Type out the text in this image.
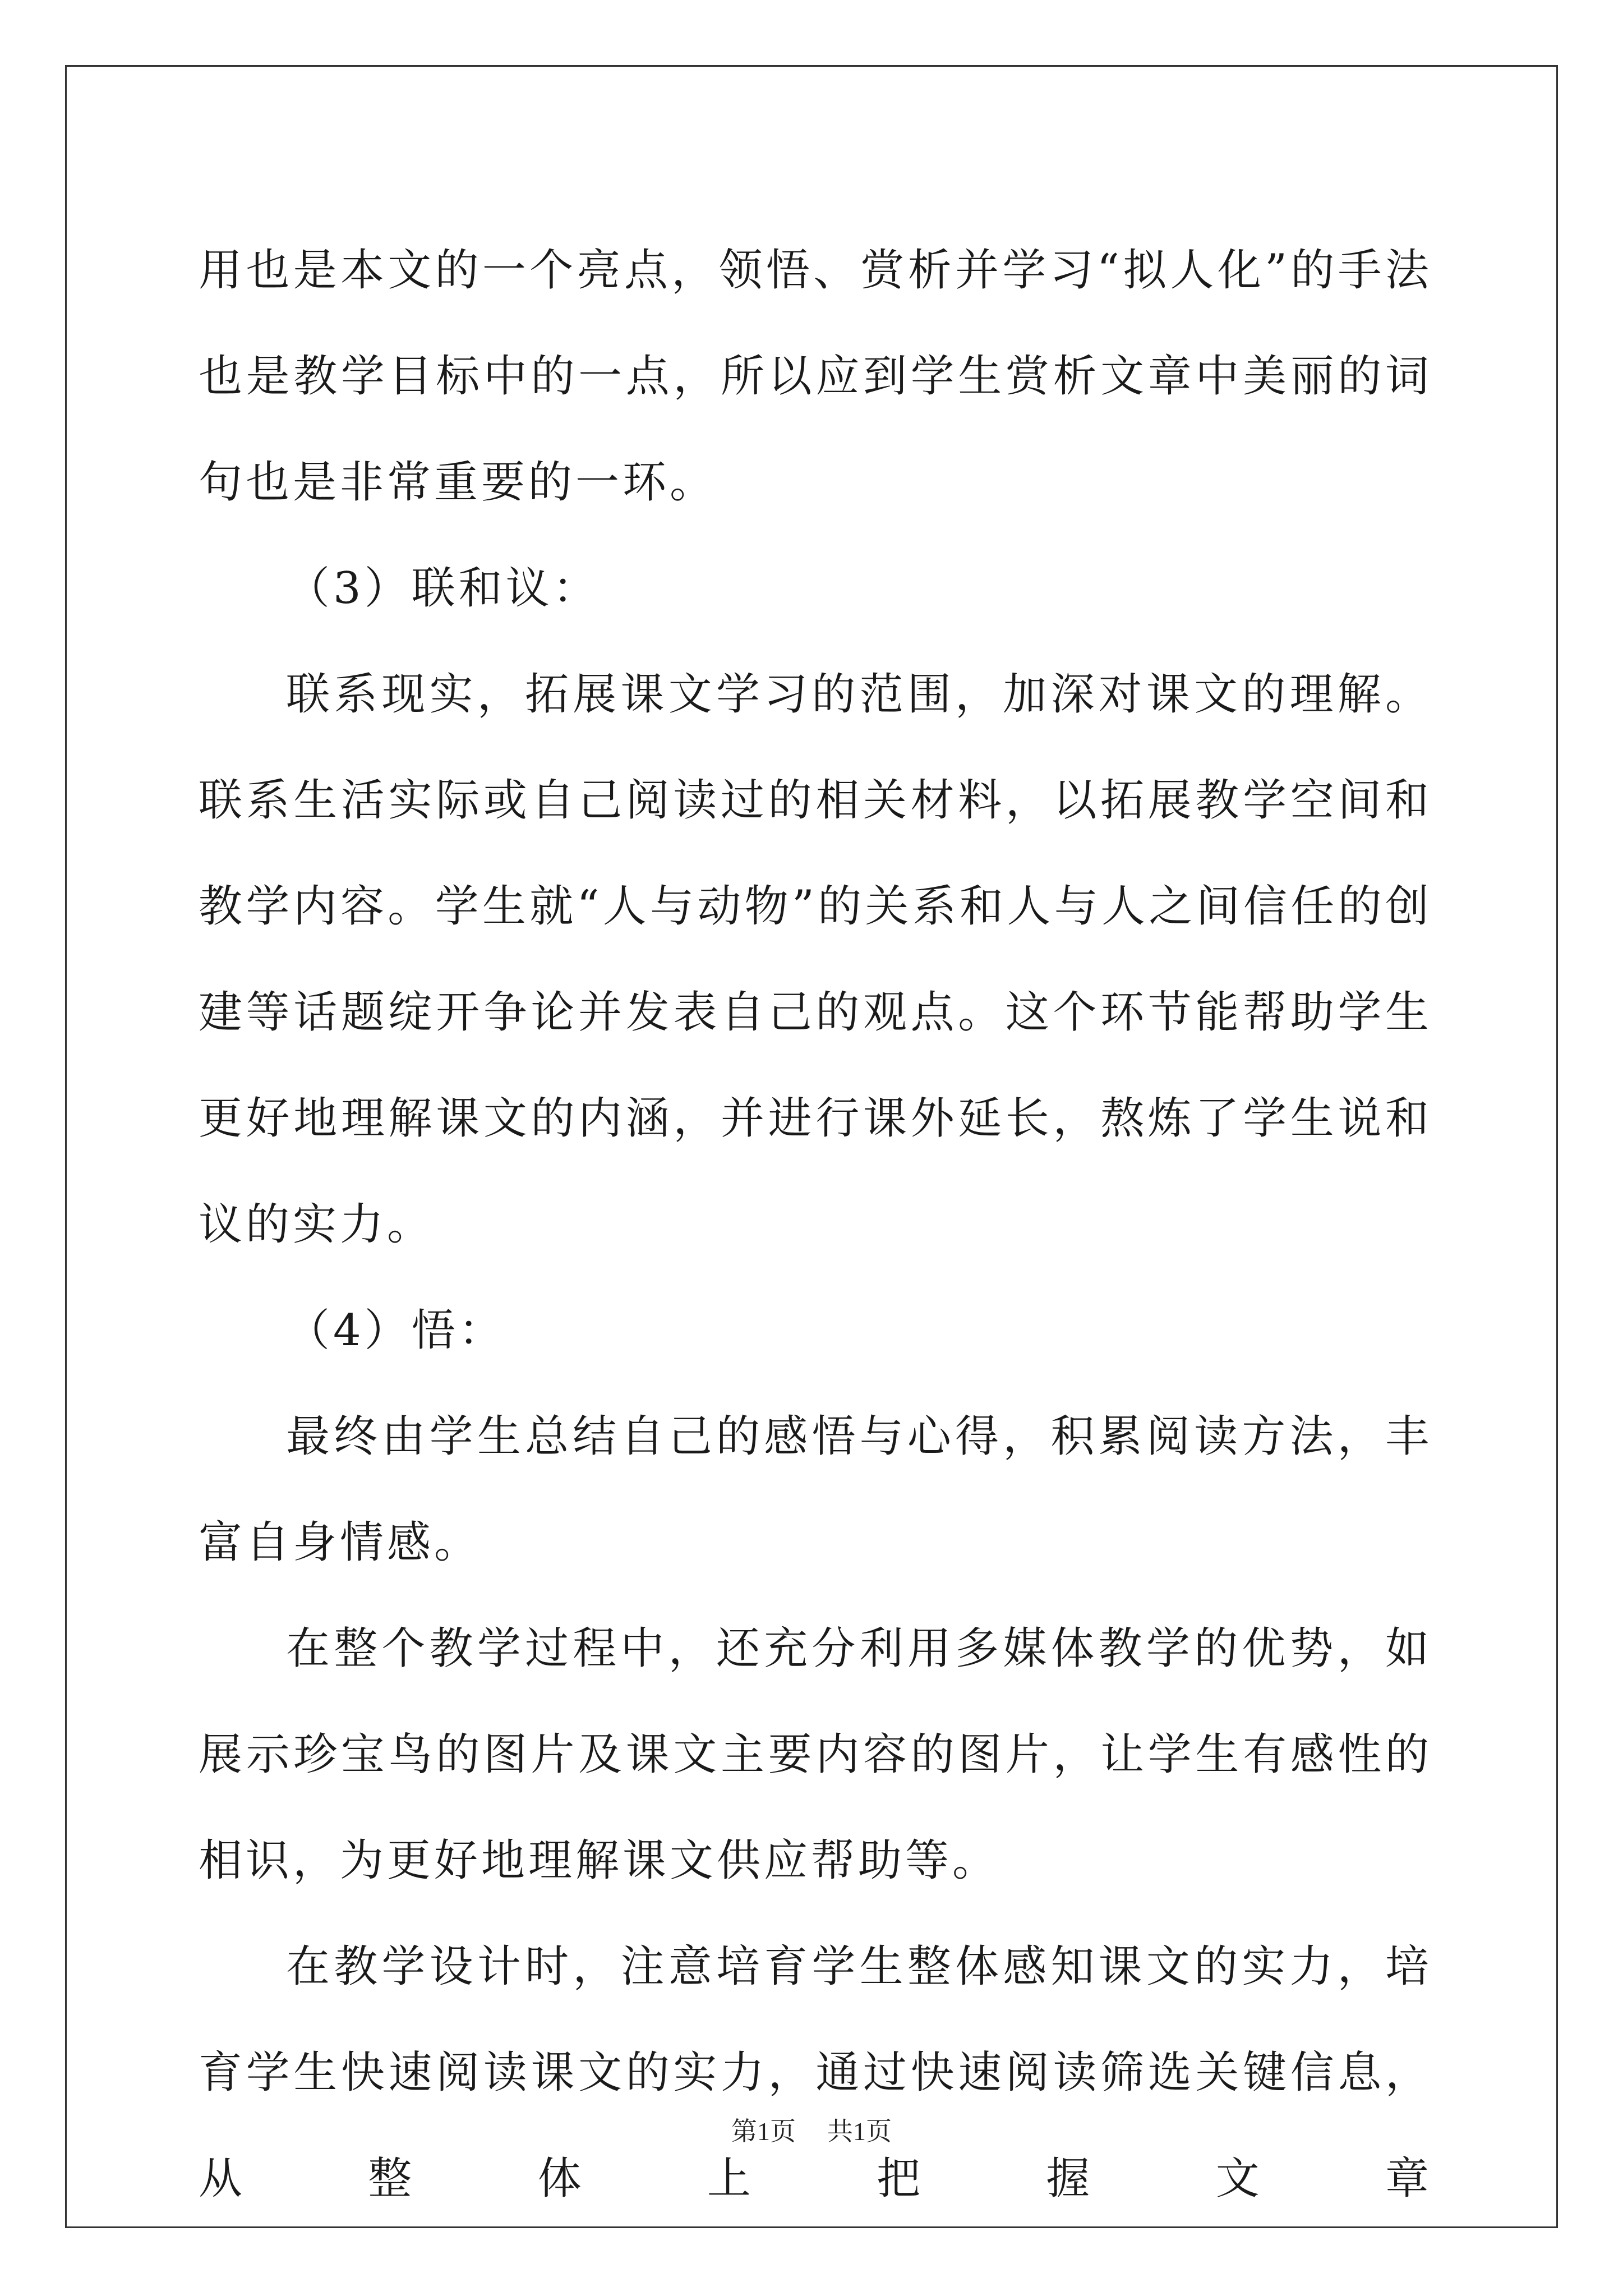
用也是本文的一个亮点，领悟、赏析并学习“拟人化”的手法也是教学目标中的一点，所以应到学生赏析文章中美丽的词句也是非常重要的一环。

（3）联和议：

联系现实，拓展课文学习的范围，加深对课文的理解。联系生活实际或自己阅读过的相关材料，以拓展教学空间和教学内容。学生就“人与动物”的关系和人与人之间信任的创建等话题绽开争论并发表自己的观点。这个环节能帮助学生更好地理解课文的内涵，并进行课外延长，熬炼了学生说和议的实力。

（4）悟：

最终由学生总结自己的感悟与心得，积累阅读方法，丰富自身情感。

在整个教学过程中，还充分利用多媒体教学的优势，如展示珍宝鸟的图片及课文主要内容的图片，让学生有感性的相识，为更好地理解课文供应帮助等。

在教学设计时，注意培育学生整体感知课文的实力，培育学生快速阅读课文的实力，通过快速阅读筛选关键信息，从整体上把握文章

第1页 共1页
